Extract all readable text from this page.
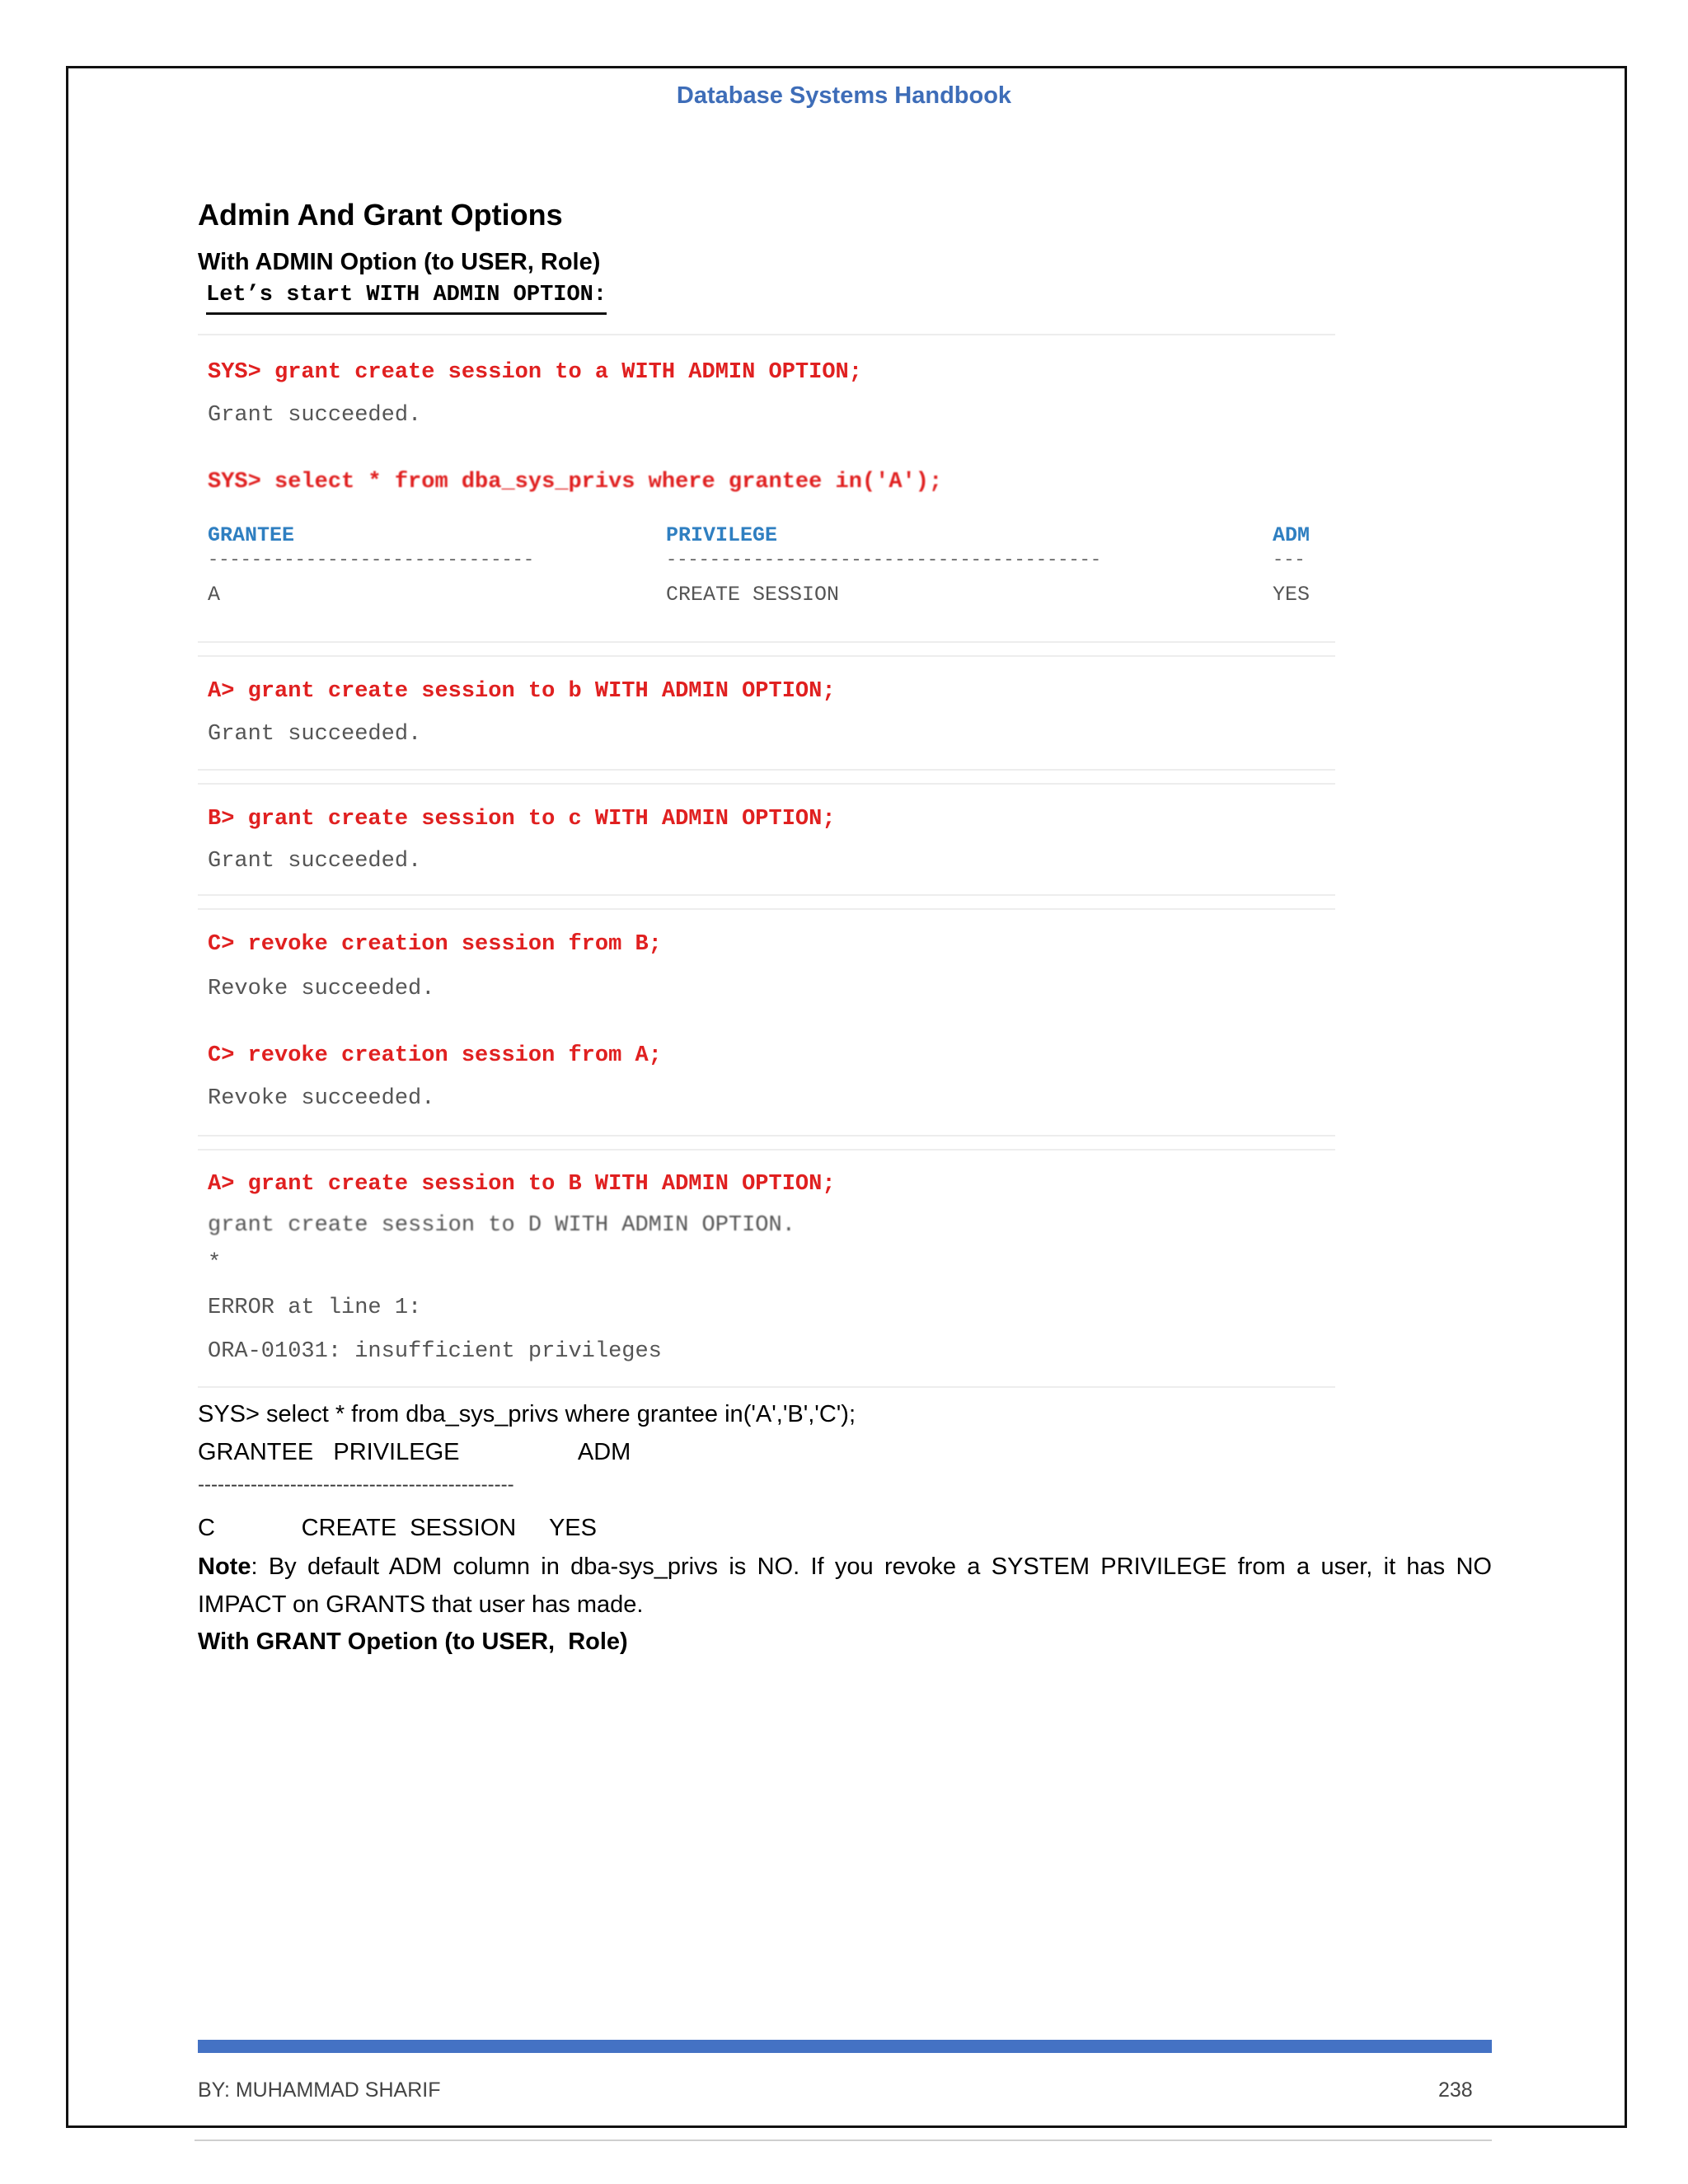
Database Systems Handbook
Admin And Grant Options
With ADMIN Option (to USER, Role)
Let’s start WITH ADMIN OPTION:
SYS> grant create session to a WITH ADMIN OPTION;
Grant succeeded.
SYS> select * from dba_sys_privs where grantee in('A');
GRANTEE	PRIVILEGE	ADM
------------------------------	----------------------------------------	---
A	CREATE SESSION	YES
A> grant create session to b WITH ADMIN OPTION;
Grant succeeded.
B> grant create session to c WITH ADMIN OPTION;
Grant succeeded.
C> revoke creation session from B;
Revoke succeeded.
C> revoke creation session from A;
Revoke succeeded.
A> grant create session to B WITH ADMIN OPTION;
grant create session to D WITH ADMIN OPTION.
*
ERROR at line 1:
ORA-01031: insufficient privileges
SYS> select * from dba_sys_privs where grantee in('A','B','C');
GRANTEE   PRIVILEGE                  ADM
------------------------------------------------
C             CREATE  SESSION     YES
Note: By default ADM column in dba-sys_privs is NO. If you revoke a SYSTEM PRIVILEGE from a user, it has NO IMPACT on GRANTS that user has made.
With GRANT Opetion (to USER,  Role)
BY: MUHAMMAD SHARIF	238
